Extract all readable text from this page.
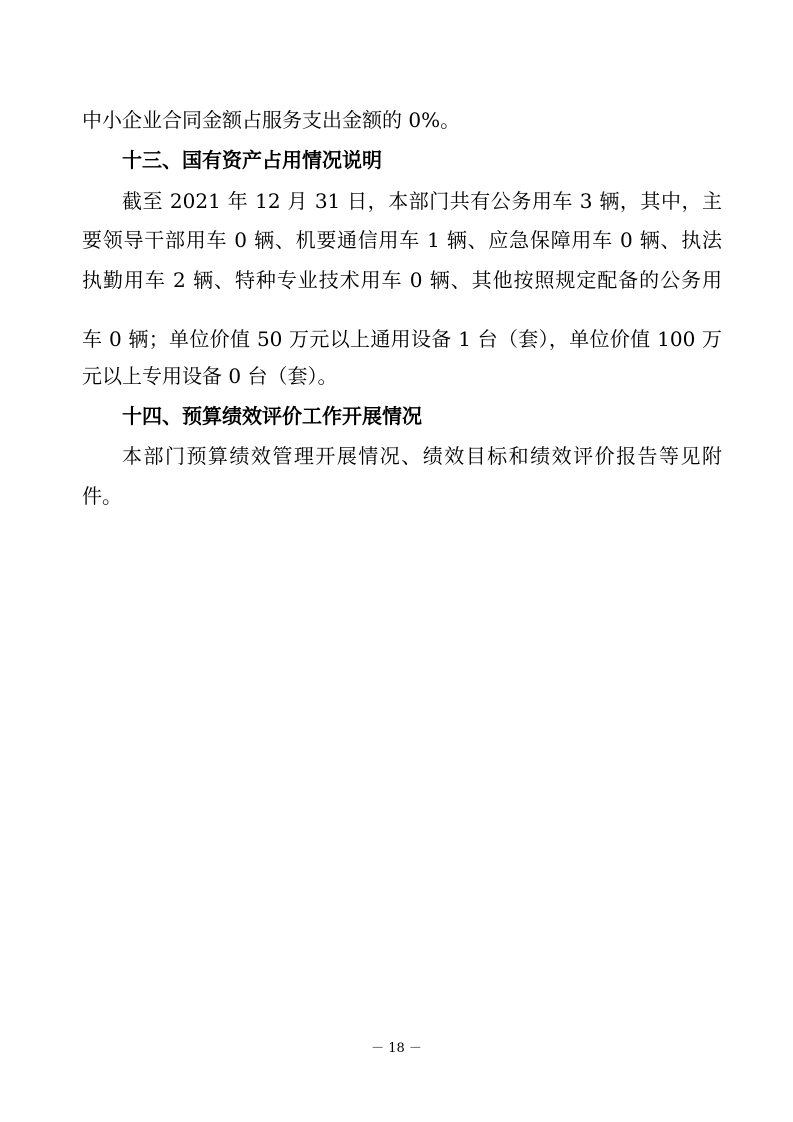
中小企业合同金额占服务支出金额的 0%。
十三、国有资产占用情况说明
截至 2021 年 12 月 31 日，本部门共有公务用车 3 辆，其中，主
要领导干部用车 0 辆、机要通信用车 1 辆、应急保障用车 0 辆、执法
执勤用车 2 辆、特种专业技术用车 0 辆、其他按照规定配备的公务用
车 0 辆；单位价值 50 万元以上通用设备 1 台（套），单位价值 100 万
元以上专用设备 0 台（套）。
十四、预算绩效评价工作开展情况
本部门预算绩效管理开展情况、绩效目标和绩效评价报告等见附
件。
－ 18 －
